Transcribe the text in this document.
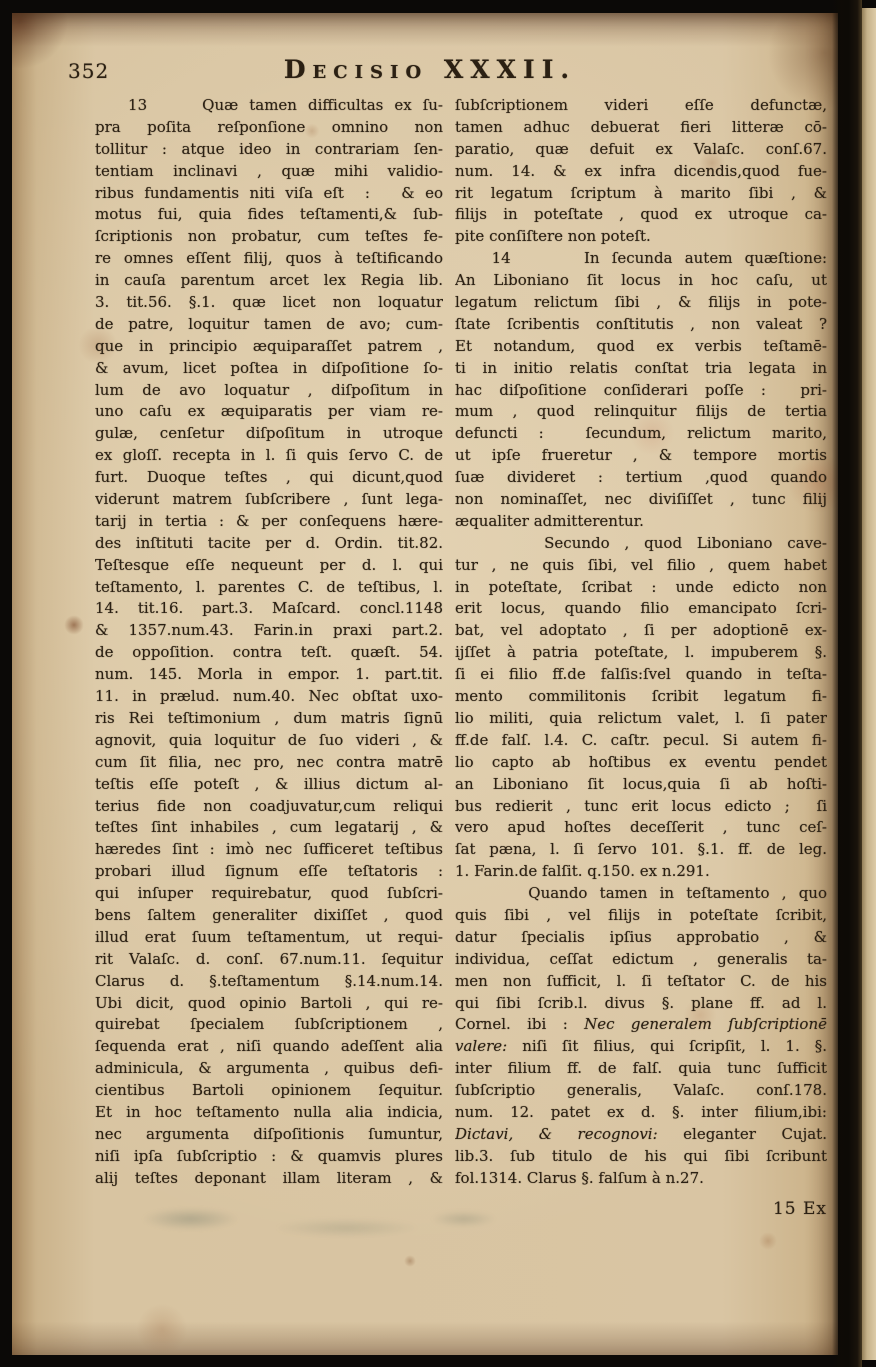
352	Decisio XXXII.
13     Quæ tamen difficultas ex ſu-
pra poſita reſponſione omnino non
tollitur : atque ideo in contrariam ſen-
tentiam inclinavi , quæ mihi validio-
ribus fundamentis niti viſa eſt  :   & eo
motus fui, quia fides teſtamenti,& ſub-
ſcriptionis non probatur, cum teſtes fe-
re omnes eſſent filij, quos à teſtificando
in cauſa parentum arcet lex Regia lib.
3. tit.56. §.1. quæ licet non loquatur
de patre, loquitur tamen de avo; cum-
que in principio æquiparaſſet patrem ,
& avum, licet poſtea in diſpoſitione ſo-
lum de avo loquatur , diſpoſitum in
uno caſu ex æquiparatis per viam re-
gulæ, cenſetur diſpoſitum in utroque
ex gloſſ. recepta in l. ſi quis ſervo C. de
furt. Duoque teſtes , qui dicunt,quod
viderunt matrem ſubſcribere , ſunt lega-
tarij in tertia : & per conſequens hære-
des inſtituti tacite per d. Ordin. tit.82.
Teſtesque eſſe nequeunt per d. l. qui
teſtamento, l. parentes C. de teſtibus, l.
14. tit.16. part.3. Maſcard. concl.1148
& 1357.num.43. Farin.in praxi part.2.
de oppoſition. contra teſt. quæſt. 54.
num. 145. Morla in empor. 1. part.tit.
11. in prælud. num.40. Nec obſtat uxo-
ris Rei teſtimonium , dum matris ſignū
agnovit, quia loquitur de ſuo videri , &
cum ſit filia, nec pro, nec contra matrē
teſtis eſſe poteſt , & illius dictum al-
terius fide non coadjuvatur,cum reliqui
teſtes ſint inhabiles , cum legatarij , &
hæredes ſint : imò nec ſufficeret teſtibus
probari illud ſignum eſſe teſtatoris :
qui inſuper requirebatur, quod ſubſcri-
bens ſaltem generaliter dixiſſet , quod
illud erat ſuum teſtamentum, ut requi-
rit Valaſc. d. conſ. 67.num.11. ſequitur
Clarus d. §.teſtamentum §.14.num.14.
Ubi dicit, quod opinio Bartoli , qui re-
quirebat ſpecialem ſubſcriptionem ,
ſequenda erat , niſi quando adeſſent alia
adminicula, & argumenta , quibus defi-
cientibus Bartoli opinionem ſequitur.
Et in hoc teſtamento nulla alia indicia,
nec argumenta diſpoſitionis ſumuntur,
niſi ipſa ſubſcriptio : & quamvis plures
alij teſtes deponant illam literam , &
ſubſcriptionem videri eſſe defunctæ,
tamen adhuc debuerat fieri litteræ cō-
paratio, quæ defuit ex Valaſc. conſ.67.
num. 14. & ex infra dicendis,quod fue-
rit legatum ſcriptum à marito ſibi , &
filijs in poteſtate , quod ex utroque ca-
pite conſiſtere non poteſt.
14      In ſecunda autem quæſtione:
An Liboniano ſit locus in hoc caſu, ut
legatum relictum ſibi , & filijs in pote-
ſtate ſcribentis conſtitutis , non valeat ?
Et notandum, quod ex verbis teſtamē-
ti in initio relatis conſtat tria legata in
hac diſpoſitione conſiderari poſſe :  pri-
mum , quod relinquitur filijs de tertia
defuncti :  ſecundum, relictum marito,
ut ipſe frueretur , & tempore mortis
ſuæ divideret : tertium ,quod quando
non nominaſſet, nec diviſiſſet , tunc filij
æqualiter admitterentur.
Secundo , quod Liboniano cave-
tur , ne quis ſibi, vel filio , quem habet
in poteſtate, ſcribat : unde edicto non
erit locus, quando filio emancipato ſcri-
bat, vel adoptato , ſi per adoptionē ex-
ijſſet à patria poteſtate, l. impuberem §.
ſi ei filio ff.de falſis:ſvel quando in teſta-
mento commilitonis ſcribit legatum fi-
lio militi, quia relictum valet, l. ſi pater
ff.de falſ. l.4. C. caſtr. pecul. Si autem fi-
lio capto ab hoſtibus ex eventu pendet
an Liboniano ſit locus,quia ſi ab hoſti-
bus redierit , tunc erit locus edicto ;  ſi
vero apud hoſtes deceſſerit , tunc ceſ-
ſat pæna, l. ſi ſervo 101. §.1. ff. de leg.
1. Farin.de falſit. q.150. ex n.291.
Quando tamen in teſtamento , quo
quis ſibi , vel filijs in poteſtate ſcribit,
datur ſpecialis ipſius approbatio , &
individua, ceſſat edictum , generalis ta-
men non ſufficit, l. ſi teſtator C. de his
qui ſibi ſcrib.l. divus §. plane ff. ad l.
Cornel. ibi : Nec generalem ſubſcriptionē
valere: niſi ſit filius, qui ſcripſit, l. 1. §.
inter filium ff. de falſ. quia tunc ſufficit
ſubſcriptio generalis, Valaſc. conſ.178.
num. 12. patet ex d. §. inter filium,ibi:
Dictavi, & recognovi: eleganter Cujat.
lib.3. ſub titulo de his qui ſibi ſcribunt
fol.1314. Clarus §. falſum à n.27.
15 Ex
